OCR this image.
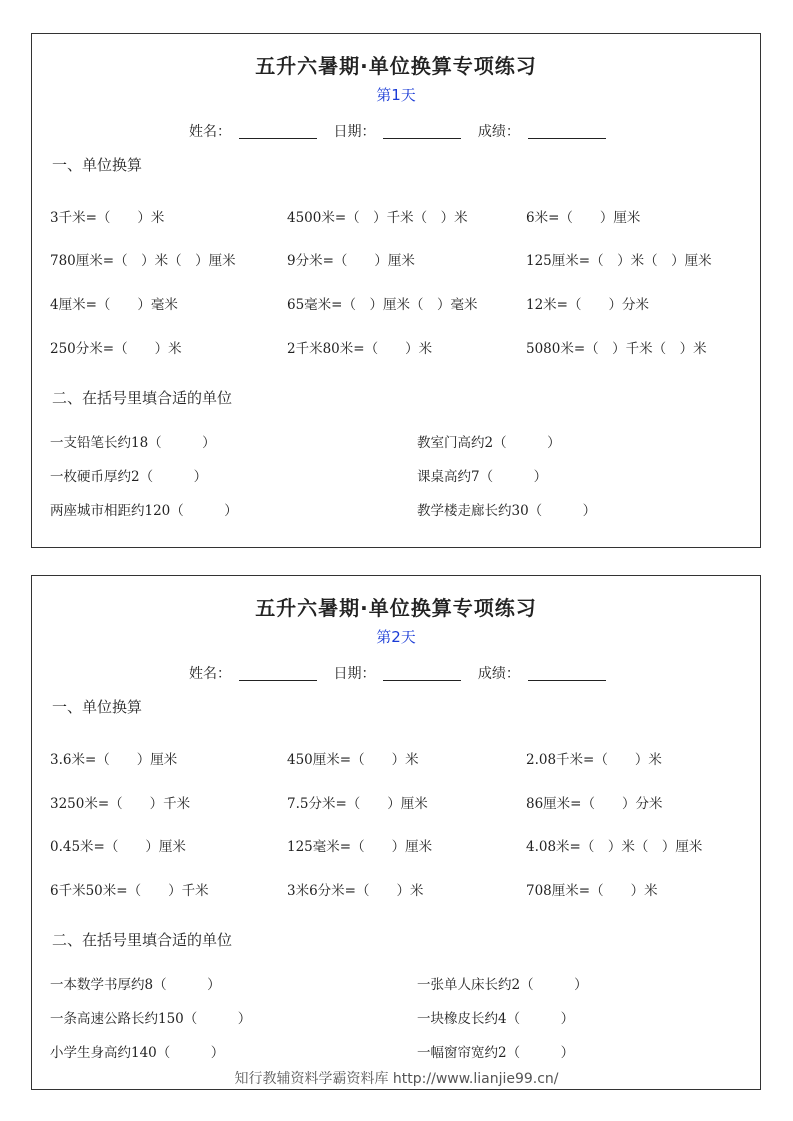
五升六暑期·单位换算专项练习
第1天
姓名：	日期：	成绩：
一、单位换算
3千米=（　　）米	4500米=（　）千米（　）米	6米=（　　）厘米
780厘米=（　）米（　）厘米	9分米=（　　）厘米	125厘米=（　）米（　）厘米
4厘米=（　　）毫米	65毫米=（　）厘米（　）毫米	12米=（　　）分米
250分米=（　　）米	2千米80米=（　　）米	5080米=（　）千米（　）米
二、在括号里填合适的单位
一支铅笔长约18（　　　）	教室门高约2（　　　）
一枚硬币厚约2（　　　）	课桌高约7（　　　）
两座城市相距约120（　　　）	教学楼走廊长约30（　　　）
五升六暑期·单位换算专项练习
第2天
姓名：	日期：	成绩：
一、单位换算
3.6米=（　　）厘米	450厘米=（　　）米	2.08千米=（　　）米
3250米=（　　）千米	7.5分米=（　　）厘米	86厘米=（　　）分米
0.45米=（　　）厘米	125毫米=（　　）厘米	4.08米=（　）米（　）厘米
6千米50米=（　　）千米	3米6分米=（　　）米	708厘米=（　　）米
二、在括号里填合适的单位
一本数学书厚约8（　　　）	一张单人床长约2（　　　）
一条高速公路长约150（　　　）	一块橡皮长约4（　　　）
小学生身高约140（　　　）	一幅窗帘宽约2（　　　）
知行教辅资料学霸资料库 http://www.lianjie99.cn/
